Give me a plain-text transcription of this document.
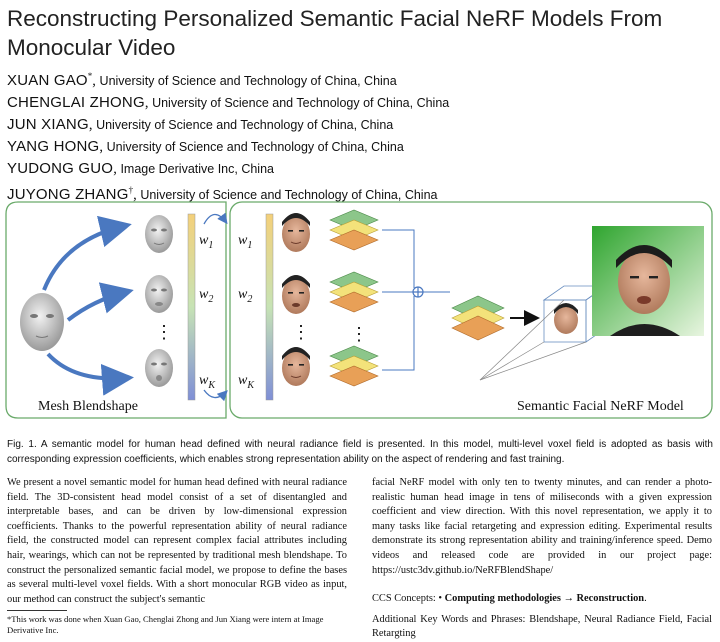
Reconstructing Personalized Semantic Facial NeRF Models From Monocular Video
XUAN GAO*, University of Science and Technology of China, China
CHENGLAI ZHONG, University of Science and Technology of China, China
JUN XIANG, University of Science and Technology of China, China
YANG HONG, University of Science and Technology of China, China
YUDONG GUO, Image Derivative Inc, China
JUYONG ZHANG†, University of Science and Technology of China, China
⋮
$w_1$
$w_2$
$w_K$
$w_1$
$w_2$
$w_K$
⋮ ⋮
Mesh Blendshape	Semantic Facial NeRF Model
Fig. 1. A semantic model for human head defined with neural radiance field is presented. In this model, multi-level voxel field is adopted as basis with corresponding expression coefficients, which enables strong representation ability on the aspect of rendering and fast training.
We present a novel semantic model for human head defined with neural radiance field. The 3D-consistent head model consist of a set of disentangled and interpretable bases, and can be driven by low-dimensional expression coefficients. Thanks to the powerful representation ability of neural radiance field, the constructed model can represent complex facial attributes including hair, wearings, which can not be represented by traditional mesh blendshape. To construct the personalized semantic facial model, we propose to define the bases as several multi-level voxel fields. With a short monocular RGB video as input, our method can construct the subject's semantic
facial NeRF model with only ten to twenty minutes, and can render a photo-realistic human head image in tens of miliseconds with a given expression coefficient and view direction. With this novel representation, we apply it to many tasks like facial retargeting and expression editing. Experimental results demonstrate its strong representation ability and training/inference speed. Demo videos and released code are provided in our project page: https://ustc3dv.github.io/NeRFBlendShape/
CCS Concepts: • Computing methodologies → Reconstruction.
Additional Key Words and Phrases: Blendshape, Neural Radiance Field, Facial Retargting
*This work was done when Xuan Gao, Chenglai Zhong and Jun Xiang were intern at Image Derivative Inc.
